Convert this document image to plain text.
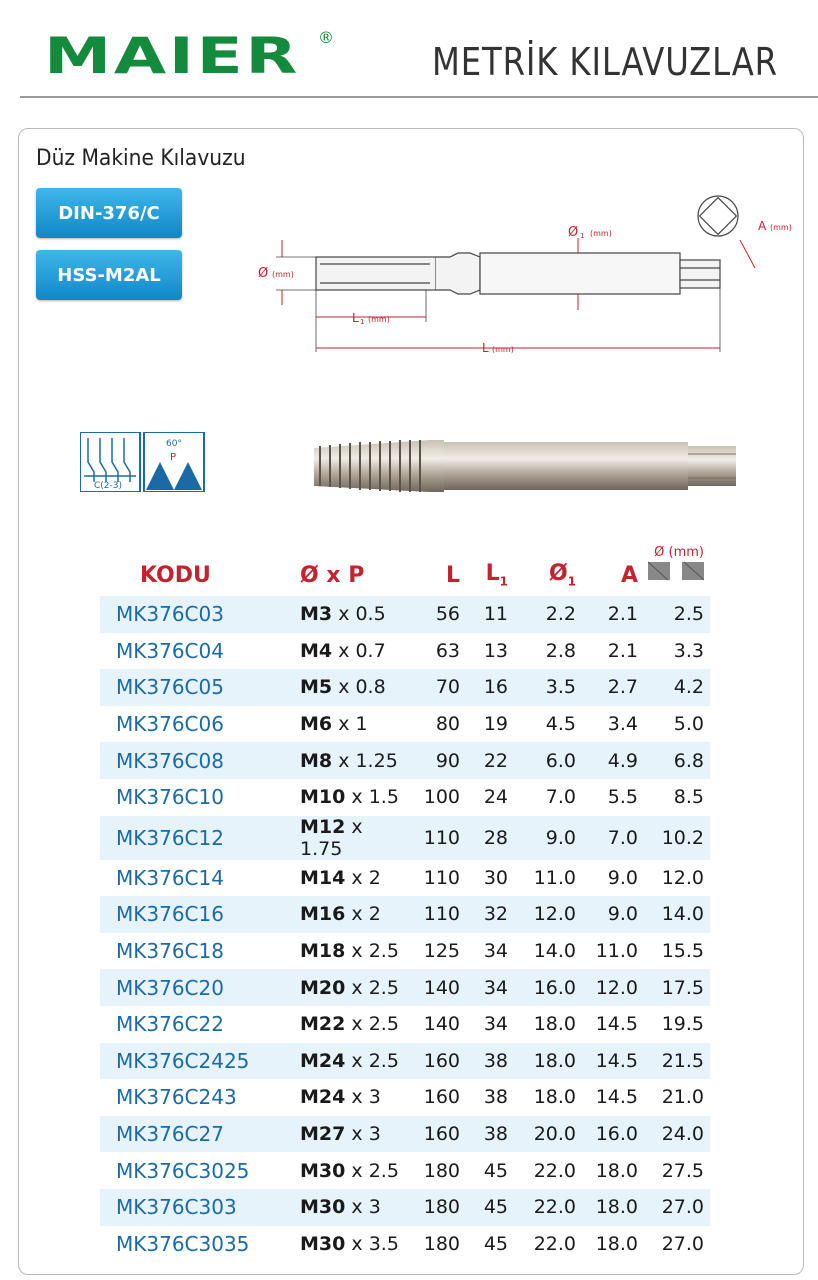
MAIER ®
METRİK KILAVUZLAR
Düz Makine Kılavuzu
DIN-376/C
HSS-M2AL	Ø (mm)
Ø 1 (mm)
L 1 (mm)
L (mm)
A (mm)
C(2-3)
60°
P
KODU	Ø x P	L	$L_1$	$Ø_1$	A	Ø (mm)

MK376C03	M3 x 0.5	56	11	2.2	2.1	2.5
MK376C04	M4 x 0.7	63	13	2.8	2.1	3.3
MK376C05	M5 x 0.8	70	16	3.5	2.7	4.2
MK376C06	M6 x 1	80	19	4.5	3.4	5.0
MK376C08	M8 x 1.25	90	22	6.0	4.9	6.8
MK376C10	M10 x 1.5	100	24	7.0	5.5	8.5
MK376C12	M12 x 1.75	110	28	9.0	7.0	10.2
MK376C14	M14 x 2	110	30	11.0	9.0	12.0
MK376C16	M16 x 2	110	32	12.0	9.0	14.0
MK376C18	M18 x 2.5	125	34	14.0	11.0	15.5
MK376C20	M20 x 2.5	140	34	16.0	12.0	17.5
MK376C22	M22 x 2.5	140	34	18.0	14.5	19.5
MK376C2425	M24 x 2.5	160	38	18.0	14.5	21.5
MK376C243	M24 x 3	160	38	18.0	14.5	21.0
MK376C27	M27 x 3	160	38	20.0	16.0	24.0
MK376C3025	M30 x 2.5	180	45	22.0	18.0	27.5
MK376C303	M30 x 3	180	45	22.0	18.0	27.0
MK376C3035	M30 x 3.5	180	45	22.0	18.0	27.0
